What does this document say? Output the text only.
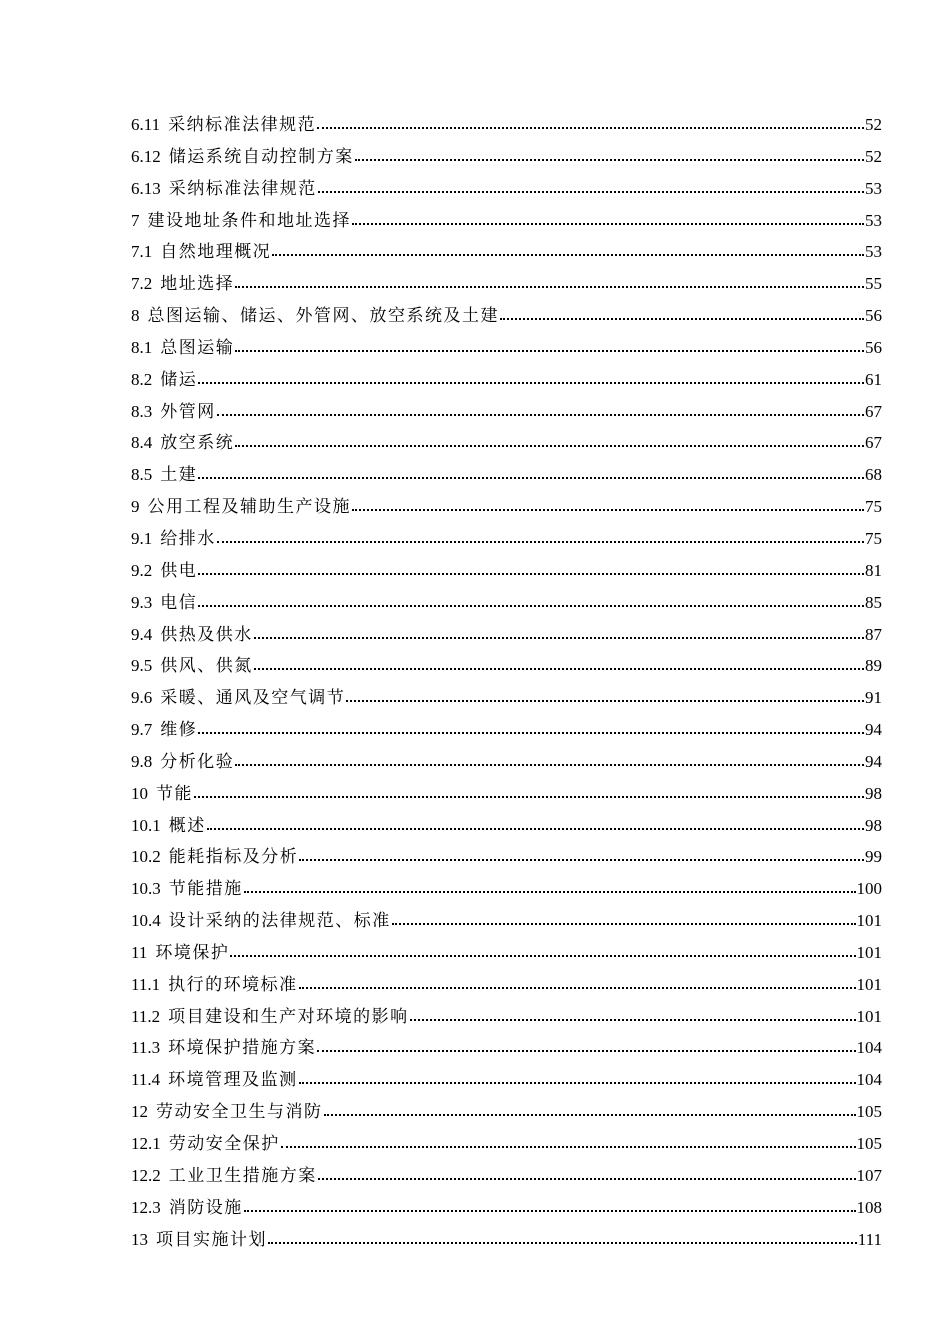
6.11 采纳标准法律规范	52
6.12 储运系统自动控制方案	52
6.13 采纳标准法律规范	53
7 建设地址条件和地址选择	53
7.1 自然地理概况	53
7.2 地址选择	55
8 总图运输、储运、外管网、放空系统及土建	56
8.1 总图运输	56
8.2 储运	61
8.3 外管网	67
8.4 放空系统	67
8.5 土建	68
9 公用工程及辅助生产设施	75
9.1 给排水	75
9.2 供电	81
9.3 电信	85
9.4 供热及供水	87
9.5 供风、供氮	89
9.6 采暖、通风及空气调节	91
9.7 维修	94
9.8 分析化验	94
10 节能	98
10.1 概述	98
10.2 能耗指标及分析	99
10.3 节能措施	100
10.4 设计采纳的法律规范、标准	101
11 环境保护	101
11.1 执行的环境标准	101
11.2 项目建设和生产对环境的影响	101
11.3 环境保护措施方案	104
11.4 环境管理及监测	104
12 劳动安全卫生与消防	105
12.1 劳动安全保护	105
12.2 工业卫生措施方案	107
12.3 消防设施	108
13 项目实施计划	111
